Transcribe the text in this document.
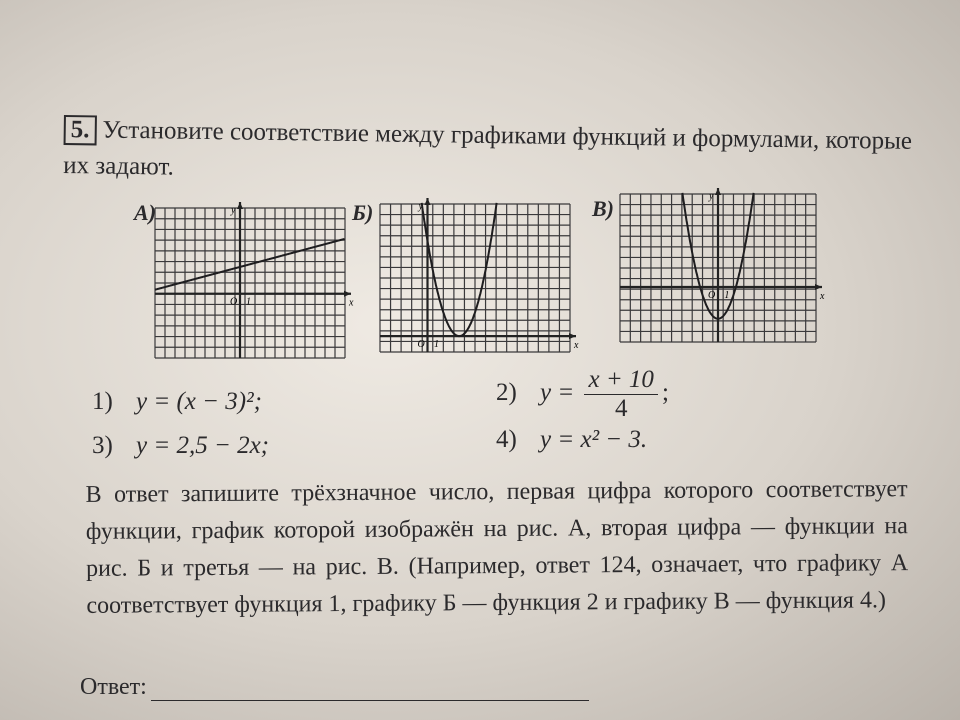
5. Установите соответствие между графиками функций и формулами, которые их задают.
А)
x
y
O 1
Б)
x
y
O 1
В)
x
y
O 1
1) y = (x − 3)²;	2) $y = \frac{x + 10}{4}$ ;
3) y = 2,5 − 2x;	4) y = x² − 3.
В ответ запишите трёхзначное число, первая цифра которого соответствует функции, график которой изображён на рис. А, вторая цифра — функции на рис. Б и третья — на рис. В. (Например, ответ 124, означает, что графику А соответствует функция 1, графику Б — функция 2 и графику В — функция 4.)
Ответ:
